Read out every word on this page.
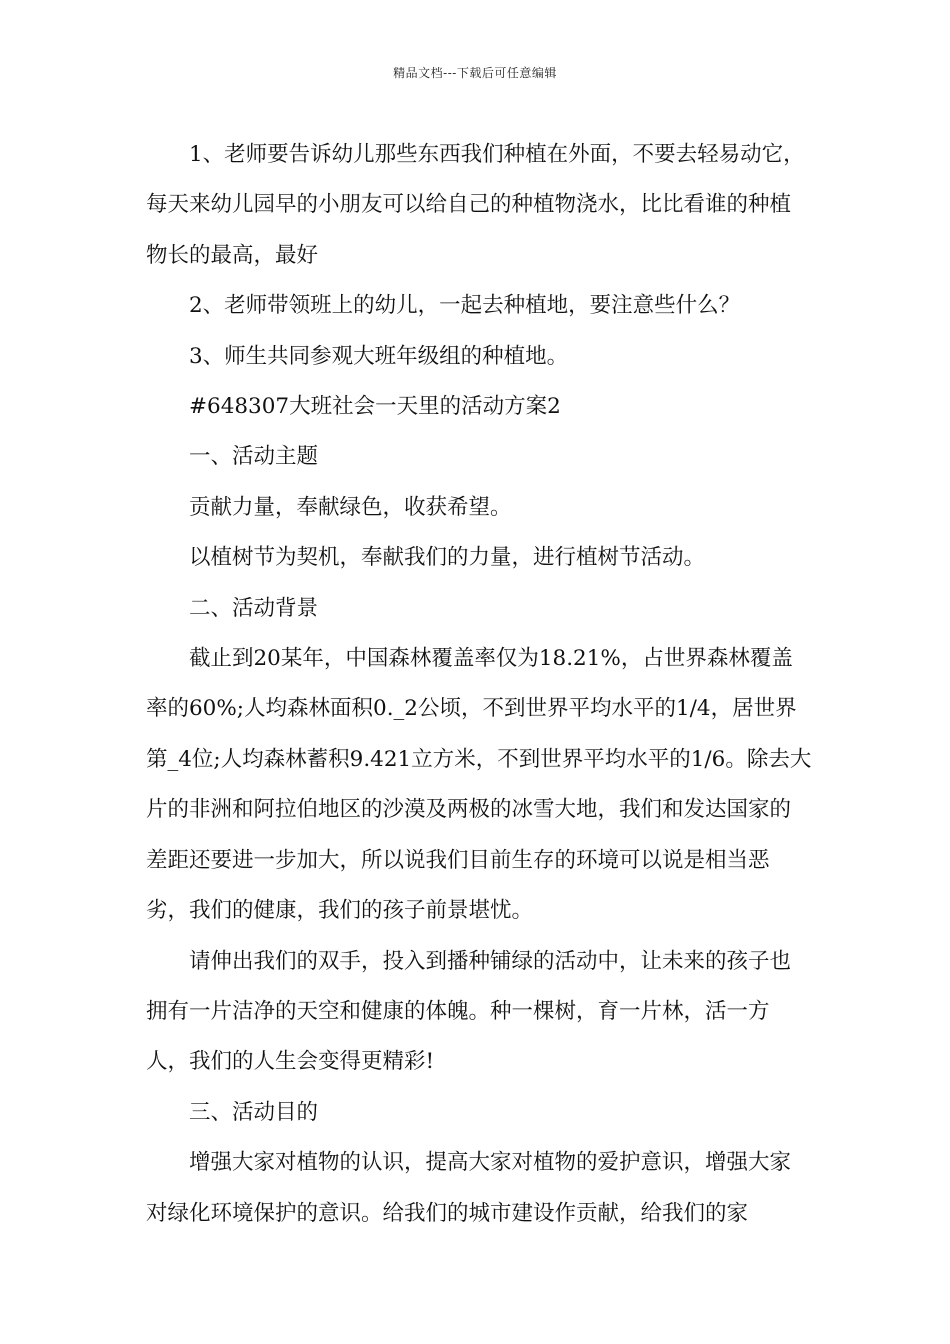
精品文档---下载后可任意编辑

1、老师要告诉幼儿那些东西我们种植在外面，不要去轻易动它，每天来幼儿园早的小朋友可以给自己的种植物浇水，比比看谁的种植物长的最高，最好

2、老师带领班上的幼儿，一起去种植地，要注意些什么？

3、师生共同参观大班年级组的种植地。

#648307大班社会一天里的活动方案2

一、活动主题

贡献力量，奉献绿色，收获希望。

以植树节为契机，奉献我们的力量，进行植树节活动。

二、活动背景

截止到20某年，中国森林覆盖率仅为18.21%，占世界森林覆盖率的60%;人均森林面积0._2公顷，不到世界平均水平的1/4，居世界第_4位;人均森林蓄积9.421立方米，不到世界平均水平的1/6。除去大片的非洲和阿拉伯地区的沙漠及两极的冰雪大地，我们和发达国家的差距还要进一步加大，所以说我们目前生存的环境可以说是相当恶劣，我们的健康，我们的孩子前景堪忧。

请伸出我们的双手，投入到播种铺绿的活动中，让未来的孩子也拥有一片洁净的天空和健康的体魄。种一棵树，育一片林，活一方人，我们的人生会变得更精彩!

三、活动目的

增强大家对植物的认识，提高大家对植物的爱护意识，增强大家对绿化环境保护的意识。给我们的城市建设作贡献，给我们的家
